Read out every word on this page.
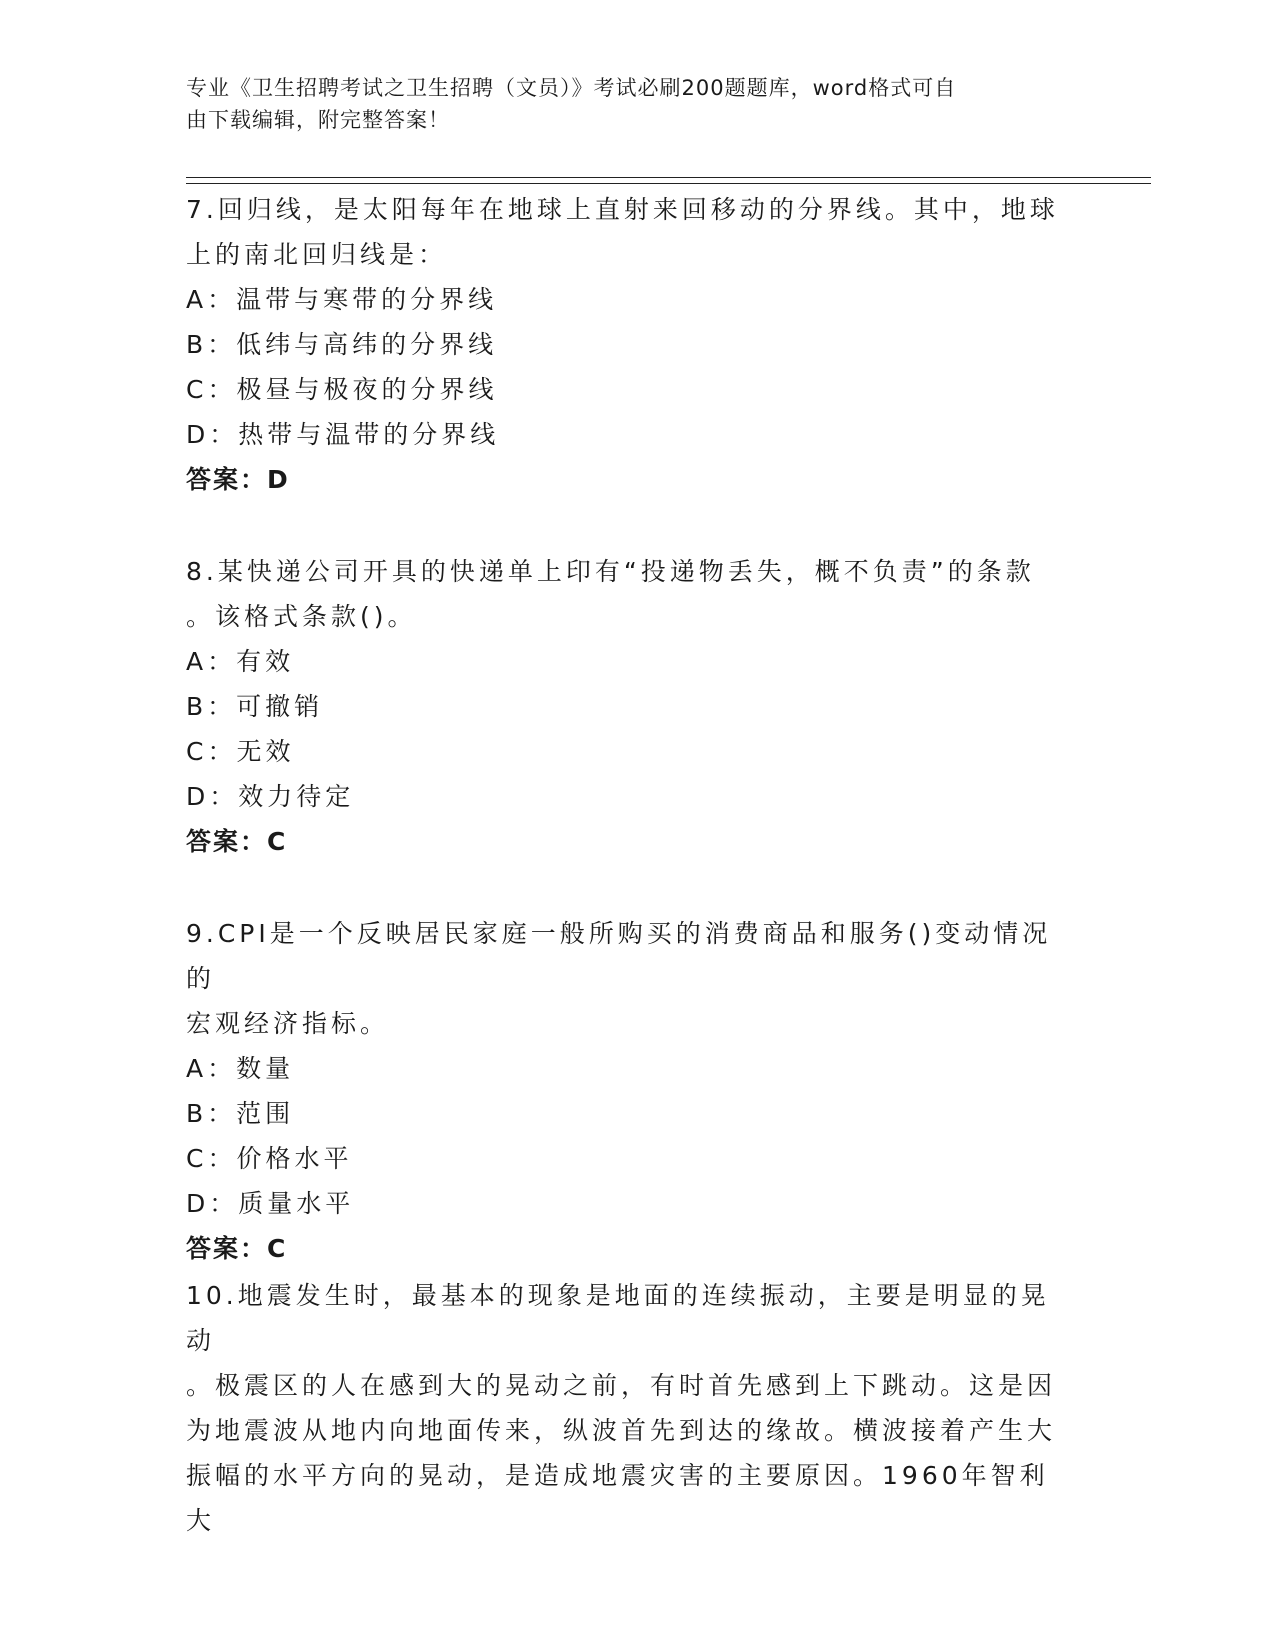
专业《卫生招聘考试之卫生招聘（文员）》考试必刷200题题库，word格式可自
由下载编辑，附完整答案！

7.回归线，是太阳每年在地球上直射来回移动的分界线。其中，地球

上的南北回归线是：

A：温带与寒带的分界线

B：低纬与高纬的分界线

C：极昼与极夜的分界线

D：热带与温带的分界线

答案：D

8.某快递公司开具的快递单上印有“投递物丢失，概不负责”的条款

。该格式条款()。

A：有效

B：可撤销

C：无效

D：效力待定

答案：C

9.CPI是一个反映居民家庭一般所购买的消费商品和服务()变动情况的

宏观经济指标。

A：数量

B：范围

C：价格水平

D：质量水平

答案：C

10.地震发生时，最基本的现象是地面的连续振动，主要是明显的晃动

。极震区的人在感到大的晃动之前，有时首先感到上下跳动。这是因

为地震波从地内向地面传来，纵波首先到达的缘故。横波接着产生大

振幅的水平方向的晃动，是造成地震灾害的主要原因。1960年智利大
